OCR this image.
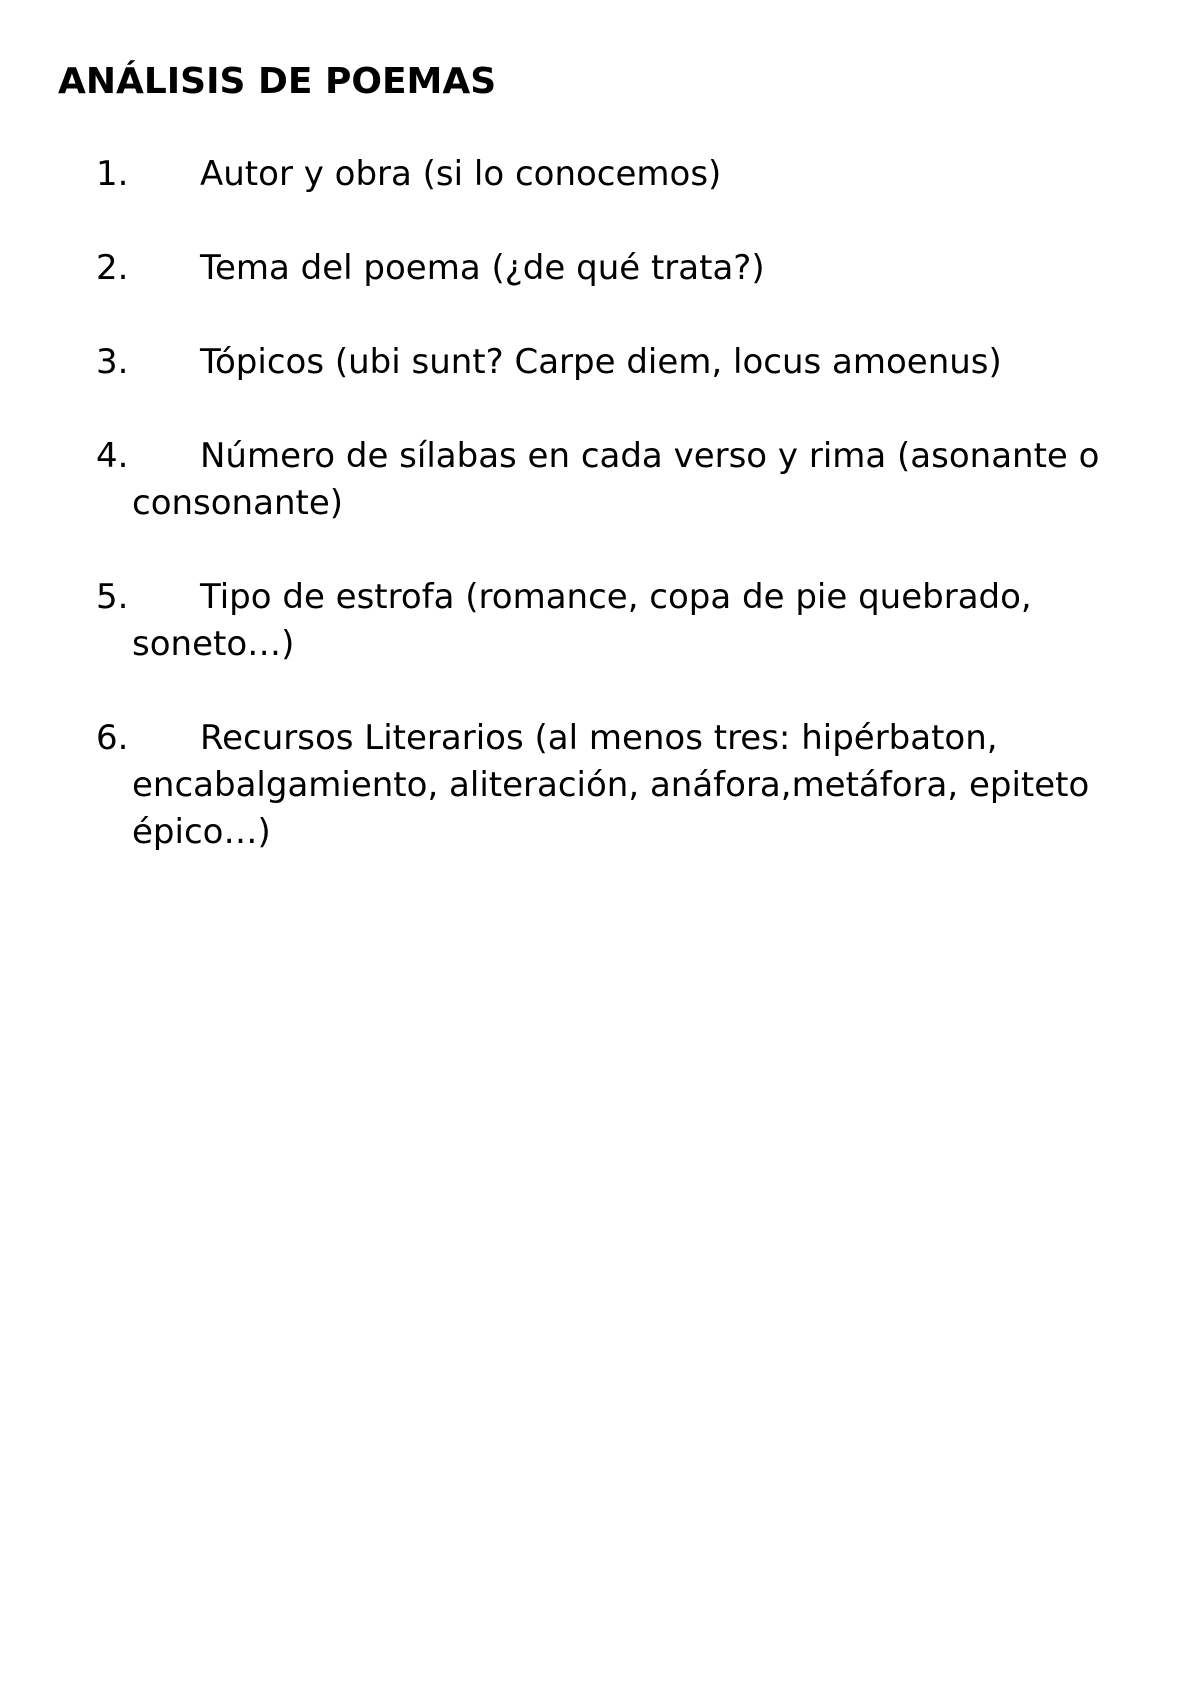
ANÁLISIS DE POEMAS
1.	Autor y obra (si lo conocemos)
2.	Tema del poema (¿de qué trata?)
3.	Tópicos (ubi sunt? Carpe diem, locus amoenus)
4.	Número de sílabas en cada verso y rima (asonante o consonante)
5.	Tipo de estrofa (romance, copa de pie quebrado, soneto…)
6.	Recursos Literarios (al menos tres: hipérbaton, encabalgamiento, aliteración, anáfora,metáfora, epiteto épico…)
